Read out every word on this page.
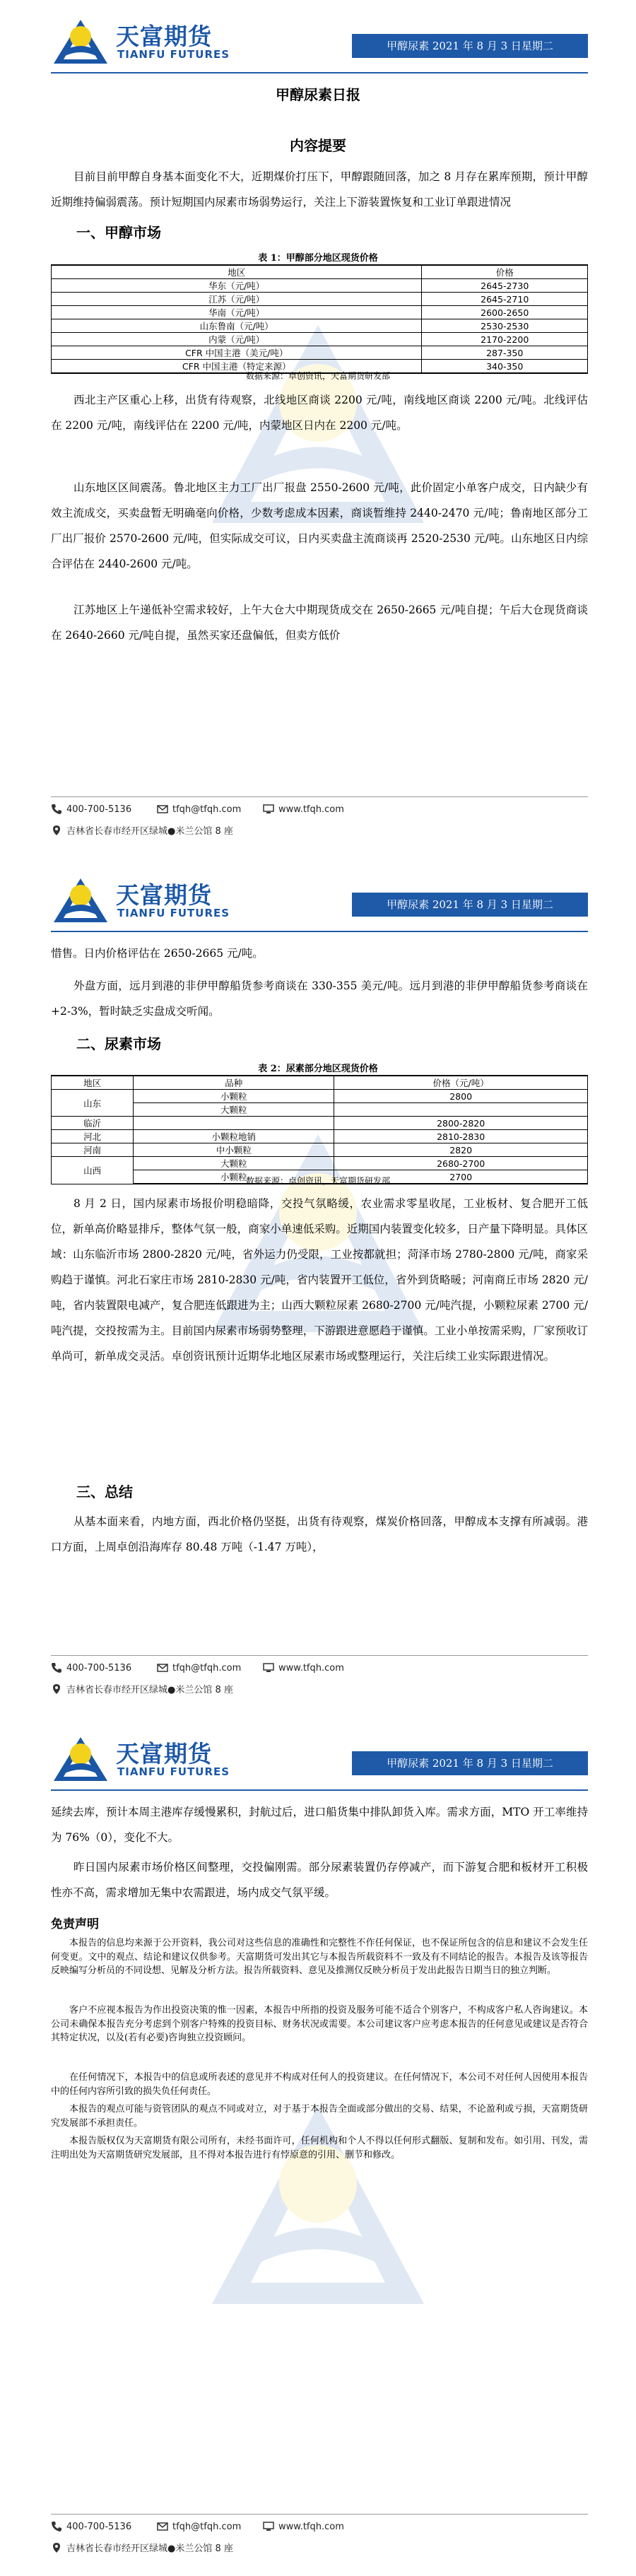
天富期货
TIANFU FUTURES
甲醇尿素 2021 年 8 月 3 日星期二
甲醇尿素日报
内容提要

目前目前甲醇自身基本面变化不大，近期煤价打压下，甲醇跟随回落，加之 8 月存在累库预期，预计甲醇近期维持偏弱震荡。预计短期国内尿素市场弱势运行，关注上下游装置恢复和工业订单跟进情况

一、甲醇市场
表 1：甲醇部分地区现货价格
地区	价格
华东（元/吨）	2645-2730
江苏（元/吨）	2645-2710
华南（元/吨）	2600-2650
山东鲁南（元/吨）	2530-2530
内蒙（元/吨）	2170-2200
CFR 中国主港（美元/吨）	287-350
CFR 中国主港（特定来源）	340-350
数据来源：卓创资讯，天富期货研发部

西北主产区重心上移，出货有待观察，北线地区商谈 2200 元/吨，南线地区商谈 2200 元/吨。北线评估在 2200 元/吨，南线评估在 2200 元/吨，内蒙地区日内在 2200 元/吨。

山东地区区间震荡。鲁北地区主力工厂出厂报盘 2550-2600 元/吨，此价固定小单客户成交，日内缺少有效主流成交，买卖盘暂无明确毫向价格，少数考虑成本因素，商谈暂维持 2440-2470 元/吨；鲁南地区部分工厂出厂报价 2570-2600 元/吨，但实际成交可议，日内买卖盘主流商谈再 2520-2530 元/吨。山东地区日内综合评估在 2440-2600 元/吨。

江苏地区上午递低补空需求较好，上午大仓大中期现货成交在 2650-2665 元/吨自提；午后大仓现货商谈在 2640-2660 元/吨自提，虽然买家还盘偏低，但卖方低价

400-700-5136	tfqh@tfqh.com	www.tfqh.com
吉林省长春市经开区绿城●米兰公馆 8 座
天富期货
TIANFU FUTURES
甲醇尿素 2021 年 8 月 3 日星期二

惜售。日内价格评估在 2650-2665 元/吨。

外盘方面，远月到港的非伊甲醇船货参考商谈在 330-355 美元/吨。远月到港的非伊甲醇船货参考商谈在+2-3%，暂时缺乏实盘成交听闻。

二、尿素市场
表 2：尿素部分地区现货价格
地区	品种	价格（元/吨）
山东	小颗粒	2800
	大颗粒	
临沂		2800-2820
河北	小颗粒地销	2810-2830
河南	中小颗粒	2820
山西	大颗粒	2680-2700
	小颗粒	2700
数据来源：卓创资讯，天富期货研发部

8 月 2 日，国内尿素市场报价明稳暗降，交投气氛略缓，农业需求零星收尾，工业板材、复合肥开工低位，新单高价略显排斥，整体气氛一般，商家小单速低采购。近期国内装置变化较多，日产量下降明显。具体区域：山东临沂市场 2800-2820 元/吨，省外运力仍受限，工业按都就担；菏泽市场 2780-2800 元/吨，商家采购趋于谨慎。河北石家庄市场 2810-2830 元/吨，省内装置开工低位，省外到货略暖；河南商丘市场 2820 元/吨，省内装置限电减产，复合肥连低跟进为主；山西大颗粒尿素 2680-2700 元/吨汽提，小颗粒尿素 2700 元/吨汽提，交投按需为主。目前国内尿素市场弱势整理，下游跟进意愿趋于谨慎。工业小单按需采购，厂家预收订单尚可，新单成交灵活。卓创资讯预计近期华北地区尿素市场或整理运行，关注后续工业实际跟进情况。

三、总结

从基本面来看，内地方面，西北价格仍坚挺，出货有待观察，煤炭价格回落，甲醇成本支撑有所减弱。港口方面，上周卓创沿海库存 80.48 万吨（-1.47 万吨），

400-700-5136	tfqh@tfqh.com	www.tfqh.com
吉林省长春市经开区绿城●米兰公馆 8 座
天富期货
TIANFU FUTURES
甲醇尿素 2021 年 8 月 3 日星期二

延续去库，预计本周主港库存缓慢累积，封航过后，进口船货集中排队卸货入库。需求方面，MTO 开工率维持为 76%（0），变化不大。

昨日国内尿素市场价格区间整理，交投偏刚需。部分尿素装置仍存停减产，而下游复合肥和板材开工积极性亦不高，需求增加无集中农需跟进，场内成交气氛平缓。

免责声明

本报告的信息均来源于公开资料，我公司对这些信息的准确性和完整性不作任何保证，也不保证所包含的信息和建议不会发生任何变更。文中的观点、结论和建议仅供参考。天富期货可发出其它与本报告所载资料不一致及有不同结论的报告。本报告及该等报告反映编写分析员的不同设想、见解及分析方法。报告所载资料、意见及推测仅反映分析员于发出此报告日期当日的独立判断。

客户不应视本报告为作出投资决策的惟一因素，本报告中所指的投资及服务可能不适合个别客户，不构成客户私人咨询建议。本公司未确保本报告充分考虑到个别客户特殊的投资目标、财务状况或需要。本公司建议客户应考虑本报告的任何意见或建议是否符合其特定状况，以及(若有必要)咨询独立投资顾问。

在任何情况下，本报告中的信息或所表述的意见并不构成对任何人的投资建议。在任何情况下，本公司不对任何人因使用本报告中的任何内容所引致的损失负任何责任。

本报告的观点可能与资管团队的观点不同或对立，对于基于本报告全面或部分做出的交易、结果，不论盈利或亏损，天富期货研究发展部不承担责任。

本报告版权仅为天富期货有限公司所有，未经书面许可，任何机构和个人不得以任何形式翻版、复制和发布。如引用、刊发，需注明出处为天富期货研究发展部，且不得对本报告进行有悖原意的引用、删节和修改。

400-700-5136	tfqh@tfqh.com	www.tfqh.com
吉林省长春市经开区绿城●米兰公馆 8 座
